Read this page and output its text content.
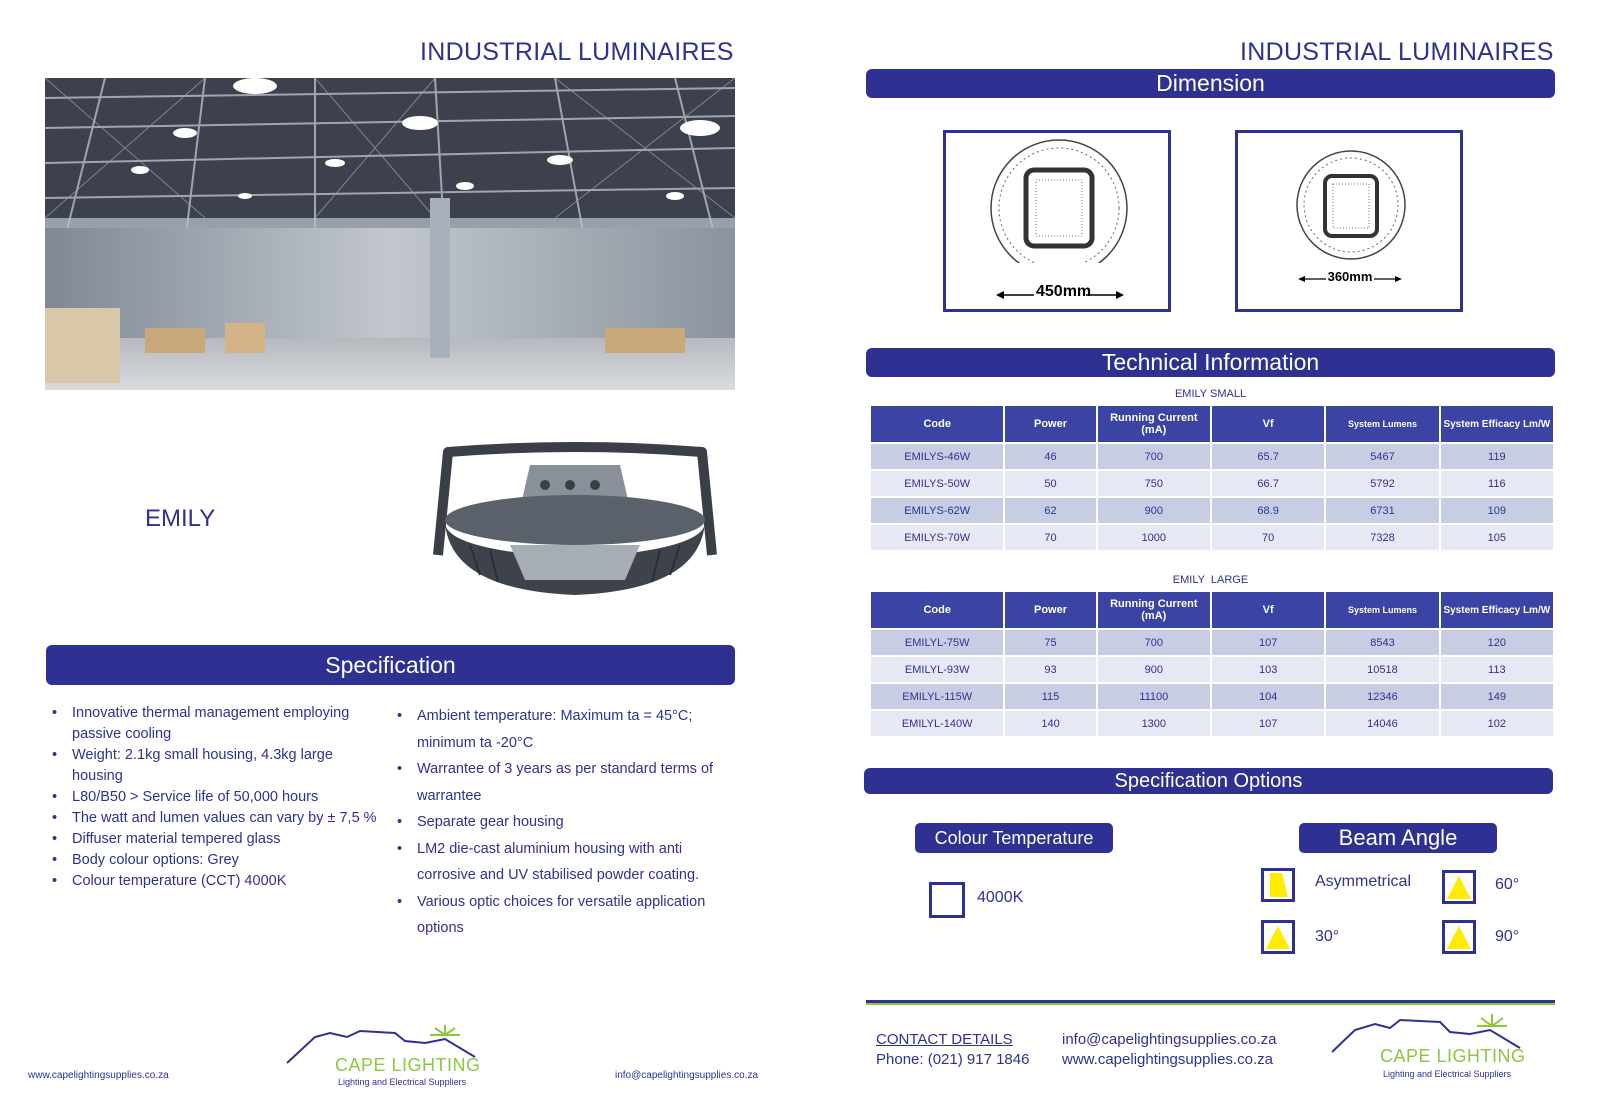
INDUSTRIAL LUMINAIRES
EMILY
Specification
• Innovative thermal management employing passive cooling
• Weight: 2.1kg small housing, 4.3kg large housing
• L80/B50 > Service life of 50,000 hours
• The watt and lumen values can vary by ± 7,5 %
• Diffuser material tempered glass
• Body colour options: Grey
• Colour temperature (CCT) 4000K
• Ambient temperature: Maximum ta = 45°C; minimum ta -20°C
• Warrantee of 3 years as per standard terms of warrantee
• Separate gear housing
• LM2 die-cast aluminium housing with anti corrosive and UV stabilised powder coating.
• Various optic choices for versatile application options
www.capelightingsupplies.co.za	info@capelightingsupplies.co.za
CAPE LIGHTING
Lighting and Electrical Suppliers
INDUSTRIAL LUMINAIRES
Dimension
450mm
360mm
Technical Information
EMILY SMALL
Code	Power	Running Current (mA)	Vf	System Lumens	System Efficacy Lm/W
EMILYS-46W	46	700	65.7	5467	119
EMILYS-50W	50	750	66.7	5792	116
EMILYS-62W	62	900	68.9	6731	109
EMILYS-70W	70	1000	70	7328	105
EMILY  LARGE
Code	Power	Running Current (mA)	Vf	System Lumens	System Efficacy Lm/W
EMILYL-75W	75	700	107	8543	120
EMILYL-93W	93	900	103	10518	113
EMILYL-115W	115	11100	104	12346	149
EMILYL-140W	140	1300	107	14046	102
Specification Options
Colour Temperature
4000K
Beam Angle
Asymmetrical	60°
30°	90°
CONTACT DETAILS
Phone: (021) 917 1846
info@capelightingsupplies.co.za
www.capelightingsupplies.co.za	CAPE LIGHTING
Lighting and Electrical Suppliers
